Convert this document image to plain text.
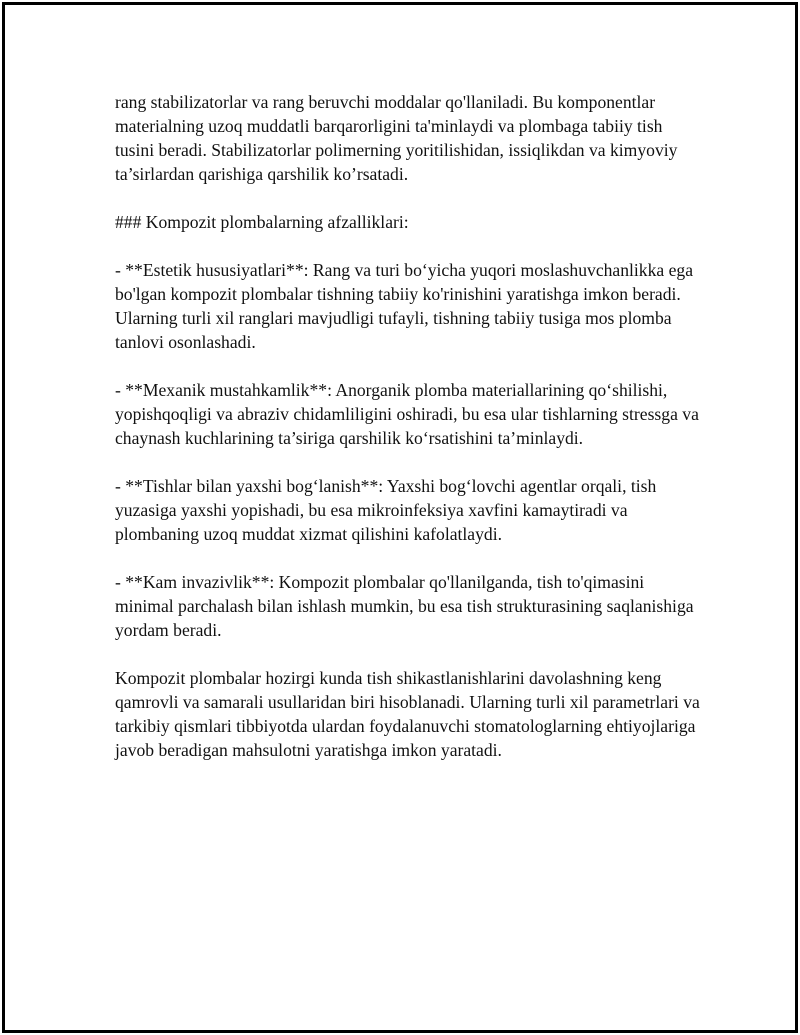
rang stabilizatorlar va rang beruvchi moddalar qo'llaniladi. Bu komponentlar materialning uzoq muddatli barqarorligini ta'minlaydi va plombaga tabiiy tish tusini beradi. Stabilizatorlar polimerning yoritilishidan, issiqlikdan va kimyoviy ta’sirlardan qarishiga qarshilik ko’rsatadi.

### Kompozit plombalarning afzalliklari:

- **Estetik hususiyatlari**: Rang va turi bo‘yicha yuqori moslashuvchanlikka ega bo'lgan kompozit plombalar tishning tabiiy ko'rinishini yaratishga imkon beradi. Ularning turli xil ranglari mavjudligi tufayli, tishning tabiiy tusiga mos plomba tanlovi osonlashadi.

- **Mexanik mustahkamlik**: Anorganik plomba materiallarining qo‘shilishi, yopishqoqligi va abraziv chidamliligini oshiradi, bu esa ular tishlarning stressga va chaynash kuchlarining ta’siriga qarshilik ko‘rsatishini ta’minlaydi.

- **Tishlar bilan yaxshi bog‘lanish**: Yaxshi bog‘lovchi agentlar orqali, tish yuzasiga yaxshi yopishadi, bu esa mikroinfeksiya xavfini kamaytiradi va plombaning uzoq muddat xizmat qilishini kafolatlaydi.

- **Kam invazivlik**: Kompozit plombalar qo'llanilganda, tish to'qimasini minimal parchalash bilan ishlash mumkin, bu esa tish strukturasining saqlanishiga yordam beradi.

Kompozit plombalar hozirgi kunda tish shikastlanishlarini davolashning keng qamrovli va samarali usullaridan biri hisoblanadi. Ularning turli xil parametrlari va tarkibiy qismlari tibbiyotda ulardan foydalanuvchi stomatologlarning ehtiyojlariga javob beradigan mahsulotni yaratishga imkon yaratadi.
